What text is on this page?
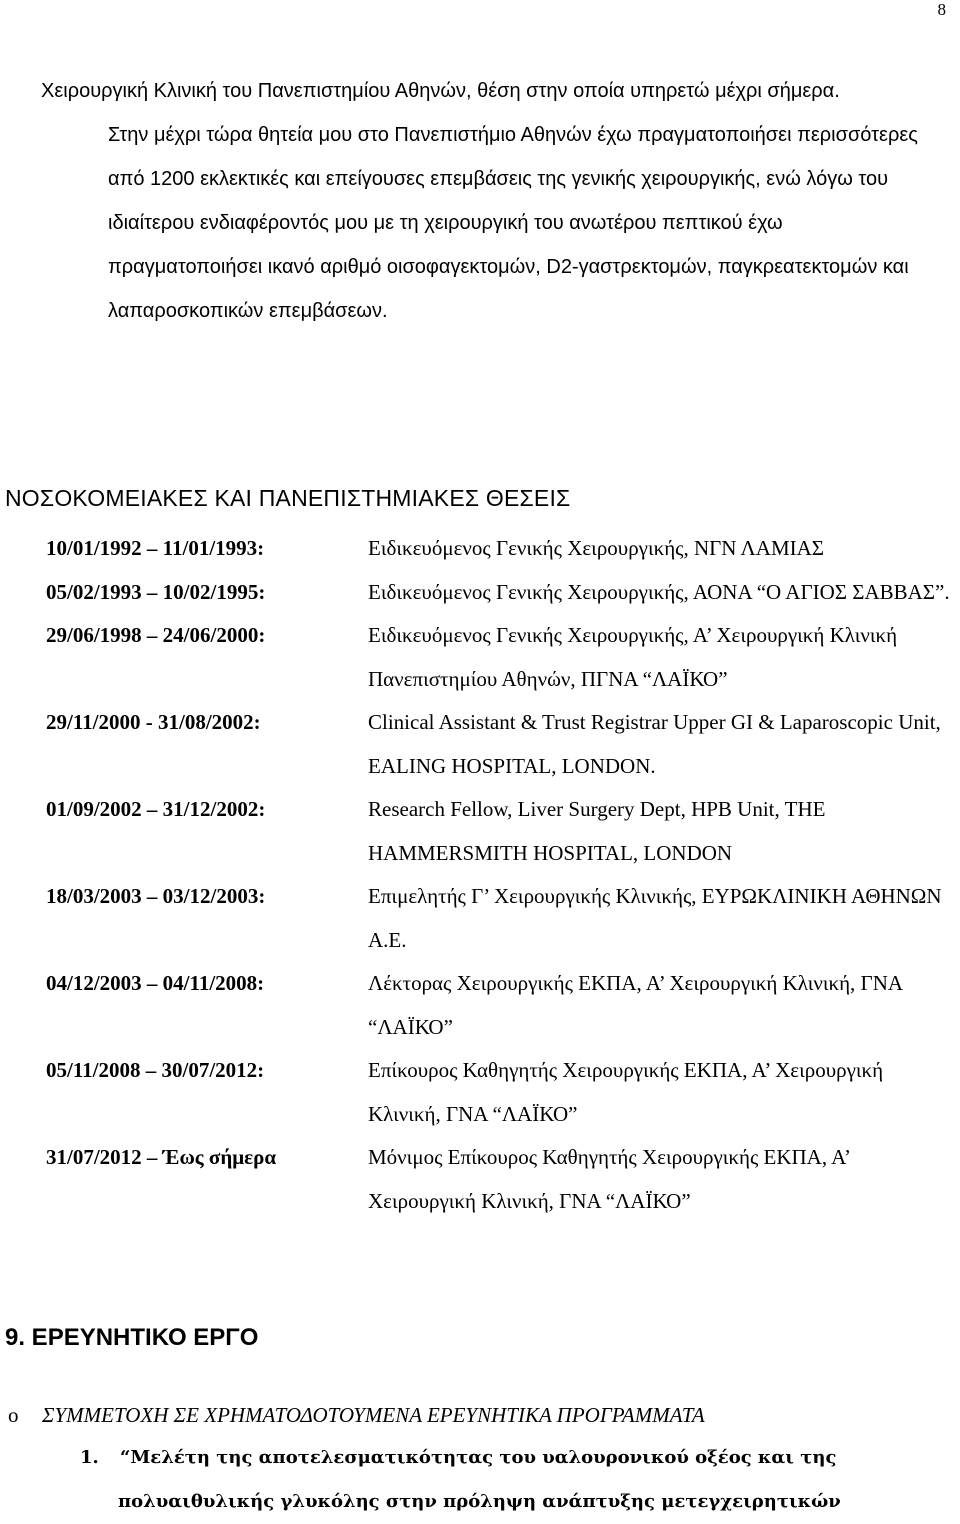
8

Χειρουργική Κλινική του Πανεπιστημίου Αθηνών, θέση στην οποία υπηρετώ μέχρι σήμερα.

Στην μέχρι τώρα θητεία μου στο Πανεπιστήμιο Αθηνών έχω πραγματοποιήσει περισσότερες από 1200 εκλεκτικές και επείγουσες επεμβάσεις της γενικής χειρουργικής, ενώ λόγω του ιδιαίτερου ενδιαφέροντός μου με τη χειρουργική του ανωτέρου πεπτικού έχω πραγματοποιήσει ικανό αριθμό οισοφαγεκτομών, D2-γαστρεκτομών, παγκρεατεκτομών και λαπαροσκοπικών επεμβάσεων.

ΝΟΣΟΚΟΜΕΙΑΚΕΣ ΚΑΙ ΠΑΝΕΠΙΣΤΗΜΙΑΚΕΣ ΘΕΣΕΙΣ
10/01/1992 – 11/01/1993:	Ειδικευόμενος Γενικής Χειρουργικής, ΝΓΝ ΛΑΜΙΑΣ
05/02/1993 – 10/02/1995:	Ειδικευόμενος Γενικής Χειρουργικής, ΑΟΝΑ “Ο ΑΓΙΟΣ ΣΑΒΒΑΣ”.
29/06/1998 – 24/06/2000:	Ειδικευόμενος Γενικής Χειρουργικής, Α’ Χειρουργική Κλινική Πανεπιστημίου Αθηνών, ΠΓΝΑ “ΛΑΪΚΟ”
29/11/2000 - 31/08/2002:	Clinical Assistant & Trust Registrar Upper GI & Laparoscopic Unit, EALING HOSPITAL, LONDON.
01/09/2002 – 31/12/2002:	Research Fellow, Liver Surgery Dept, HPB Unit, THE HAMMERSMITH HOSPITAL, LONDON
18/03/2003 – 03/12/2003:	Επιμελητής Γ’ Χειρουργικής Κλινικής, ΕΥΡΩΚΛΙΝΙΚΗ ΑΘΗΝΩΝ Α.Ε.
04/12/2003 – 04/11/2008:	Λέκτορας Χειρουργικής ΕΚΠΑ, Α’ Χειρουργική Κλινική, ΓΝΑ “ΛΑΪΚΟ”
05/11/2008 – 30/07/2012:	Επίκουρος Καθηγητής Χειρουργικής ΕΚΠΑ, Α’ Χειρουργική Κλινική, ΓΝΑ “ΛΑΪΚΟ”
31/07/2012 – Έως σήμερα	Μόνιμος Επίκουρος Καθηγητής Χειρουργικής ΕΚΠΑ, Α’ Χειρουργική Κλινική, ΓΝΑ “ΛΑΪΚΟ”
9. ΕΡΕΥΝΗΤΙΚΟ ΕΡΓΟ
o ΣΥΜΜΕΤΟΧΗ ΣΕ ΧΡΗΜΑΤΟΔΟΤΟΥΜΕΝΑ ΕΡΕΥΝΗΤΙΚΑ ΠΡΟΓΡΑΜΜΑΤΑ
1.	“Μελέτη της αποτελεσματικότητας του υαλουρονικού οξέος και της
πολυαιθυλικής γλυκόλης στην πρόληψη ανάπτυξης μετεγχειρητικών
